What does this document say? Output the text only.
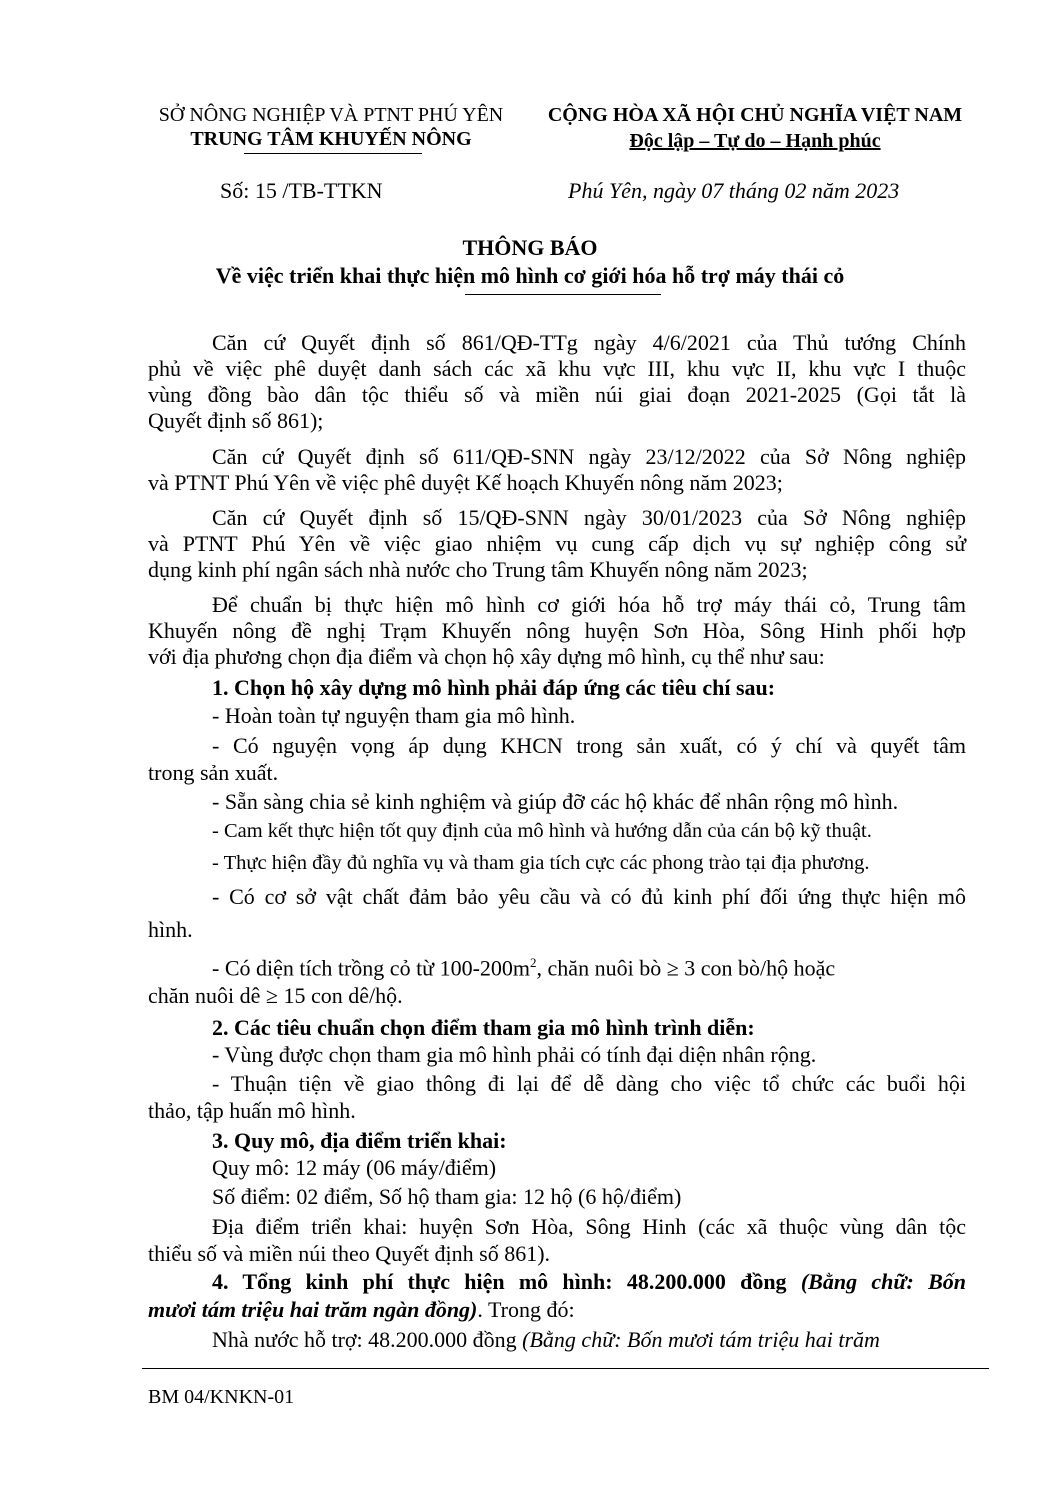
SỞ NÔNG NGHIỆP VÀ PTNT PHÚ YÊN
TRUNG TÂM KHUYẾN NÔNG
CỘNG HÒA XÃ HỘI CHỦ NGHĨA VIỆT NAM
Độc lập – Tự do – Hạnh phúc
Số: 15 /TB-TTKN	Phú Yên, ngày 07 tháng 02 năm 2023
THÔNG BÁO
Về việc triển khai thực hiện mô hình cơ giới hóa hỗ trợ máy thái cỏ
Căn cứ Quyết định số 861/QĐ-TTg ngày 4/6/2021 của Thủ tướng Chính
phủ về việc phê duyệt danh sách các xã khu vực III, khu vực II, khu vực I thuộc
vùng đồng bào dân tộc thiểu số và miền núi giai đoạn 2021-2025 (Gọi tắt là
Quyết định số 861);
Căn cứ Quyết định số 611/QĐ-SNN ngày 23/12/2022 của Sở Nông nghiệp
và PTNT Phú Yên về việc phê duyệt Kế hoạch Khuyến nông năm 2023;
Căn cứ Quyết định số 15/QĐ-SNN ngày 30/01/2023 của Sở Nông nghiệp
và PTNT Phú Yên về việc giao nhiệm vụ cung cấp dịch vụ sự nghiệp công sử
dụng kinh phí ngân sách nhà nước cho Trung tâm Khuyến nông năm 2023;
Để chuẩn bị thực hiện mô hình cơ giới hóa hỗ trợ máy thái cỏ, Trung tâm
Khuyến nông đề nghị Trạm Khuyến nông huyện Sơn Hòa, Sông Hinh phối hợp
với địa phương chọn địa điểm và chọn hộ xây dựng mô hình, cụ thể như sau:
1. Chọn hộ xây dựng mô hình phải đáp ứng các tiêu chí sau:
- Hoàn toàn tự nguyện tham gia mô hình.
- Có nguyện vọng áp dụng KHCN trong sản xuất, có ý chí và quyết tâm
trong sản xuất.
- Sẵn sàng chia sẻ kinh nghiệm và giúp đỡ các hộ khác để nhân rộng mô hình.
- Cam kết thực hiện tốt quy định của mô hình và hướng dẫn của cán bộ kỹ thuật.
- Thực hiện đầy đủ nghĩa vụ và tham gia tích cực các phong trào tại địa phương.
- Có cơ sở vật chất đảm bảo yêu cầu và có đủ kinh phí đối ứng thực hiện mô
hình.
- Có diện tích trồng cỏ từ $100-200m^2$, chăn nuôi bò ≥ 3 con bò/hộ hoặc
chăn nuôi dê ≥ 15 con dê/hộ.
2. Các tiêu chuẩn chọn điểm tham gia mô hình trình diễn:
- Vùng được chọn tham gia mô hình phải có tính đại diện nhân rộng.
- Thuận tiện về giao thông đi lại để dễ dàng cho việc tổ chức các buổi hội
thảo, tập huấn mô hình.
3. Quy mô, địa điểm triển khai:
Quy mô: 12 máy (06 máy/điểm)
Số điểm: 02 điểm, Số hộ tham gia: 12 hộ (6 hộ/điểm)
Địa điểm triển khai: huyện Sơn Hòa, Sông Hinh (các xã thuộc vùng dân tộc
thiểu số và miền núi theo Quyết định số 861).
4. Tổng kinh phí thực hiện mô hình: 48.200.000 đồng (Bằng chữ: Bốn
mươi tám triệu hai trăm ngàn đồng). Trong đó:
Nhà nước hỗ trợ: 48.200.000 đồng (Bằng chữ: Bốn mươi tám triệu hai trăm
BM 04/KNKN-01
